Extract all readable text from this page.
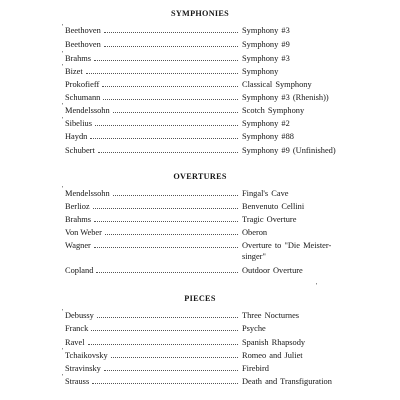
SYMPHONIES
Beethoven	Symphony #3
Beethoven	Symphony #9
Brahms	Symphony #3
Bizet	Symphony
Prokofieff	Classical Symphony
Schumann	Symphony #3 (Rhenish))
Mendelssohn	Scotch Symphony
Sibelius	Symphony #2
Haydn	Symphony #88
Schubert	Symphony #9 (Unfinished)
OVERTURES
Mendelssohn	Fingal's Cave
Berlioz	Benvenuto Cellini
Brahms	Tragic Overture
Von Weber	Oberon
Wagner	Overture to "Die Meister-
singer"
Copland	Outdoor Overture
PIECES
Debussy	Three Nocturnes
Franck	Psyche
Ravel	Spanish Rhapsody
Tchaikovsky	Romeo and Juliet
Stravinsky	Firebird
Strauss	Death and Transfiguration
'
'
'
'
'
'
'
'
'
'
